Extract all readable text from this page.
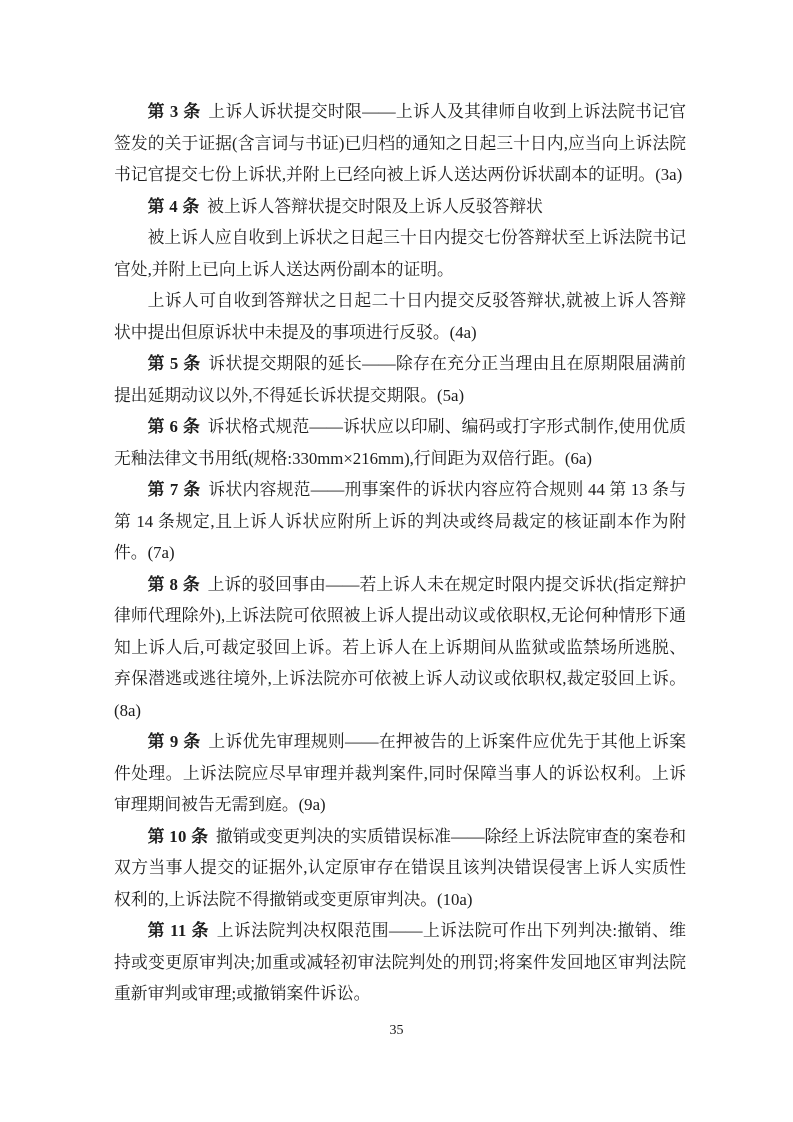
第 3 条 上诉人诉状提交时限——上诉人及其律师自收到上诉法院书记官签发的关于证据(含言词与书证)已归档的通知之日起三十日内,应当向上诉法院书记官提交七份上诉状,并附上已经向被上诉人送达两份诉状副本的证明。(3a)

第 4 条 被上诉人答辩状提交时限及上诉人反驳答辩状

被上诉人应自收到上诉状之日起三十日内提交七份答辩状至上诉法院书记官处,并附上已向上诉人送达两份副本的证明。

上诉人可自收到答辩状之日起二十日内提交反驳答辩状,就被上诉人答辩状中提出但原诉状中未提及的事项进行反驳。(4a)

第 5 条 诉状提交期限的延长——除存在充分正当理由且在原期限届满前提出延期动议以外,不得延长诉状提交期限。(5a)

第 6 条 诉状格式规范——诉状应以印刷、编码或打字形式制作,使用优质无釉法律文书用纸(规格:330mm×216mm),行间距为双倍行距。(6a)

第 7 条 诉状内容规范——刑事案件的诉状内容应符合规则 44 第 13 条与第 14 条规定,且上诉人诉状应附所上诉的判决或终局裁定的核证副本作为附件。(7a)

第 8 条 上诉的驳回事由——若上诉人未在规定时限内提交诉状(指定辩护律师代理除外),上诉法院可依照被上诉人提出动议或依职权,无论何种情形下通知上诉人后,可裁定驳回上诉。若上诉人在上诉期间从监狱或监禁场所逃脱、弃保潜逃或逃往境外,上诉法院亦可依被上诉人动议或依职权,裁定驳回上诉。(8a)

第 9 条 上诉优先审理规则——在押被告的上诉案件应优先于其他上诉案件处理。上诉法院应尽早审理并裁判案件,同时保障当事人的诉讼权利。上诉审理期间被告无需到庭。(9a)

第 10 条 撤销或变更判决的实质错误标准——除经上诉法院审查的案卷和双方当事人提交的证据外,认定原审存在错误且该判决错误侵害上诉人实质性权利的,上诉法院不得撤销或变更原审判决。(10a)

第 11 条 上诉法院判决权限范围——上诉法院可作出下列判决:撤销、维持或变更原审判决;加重或减轻初审法院判处的刑罚;将案件发回地区审判法院重新审判或审理;或撤销案件诉讼。

35
